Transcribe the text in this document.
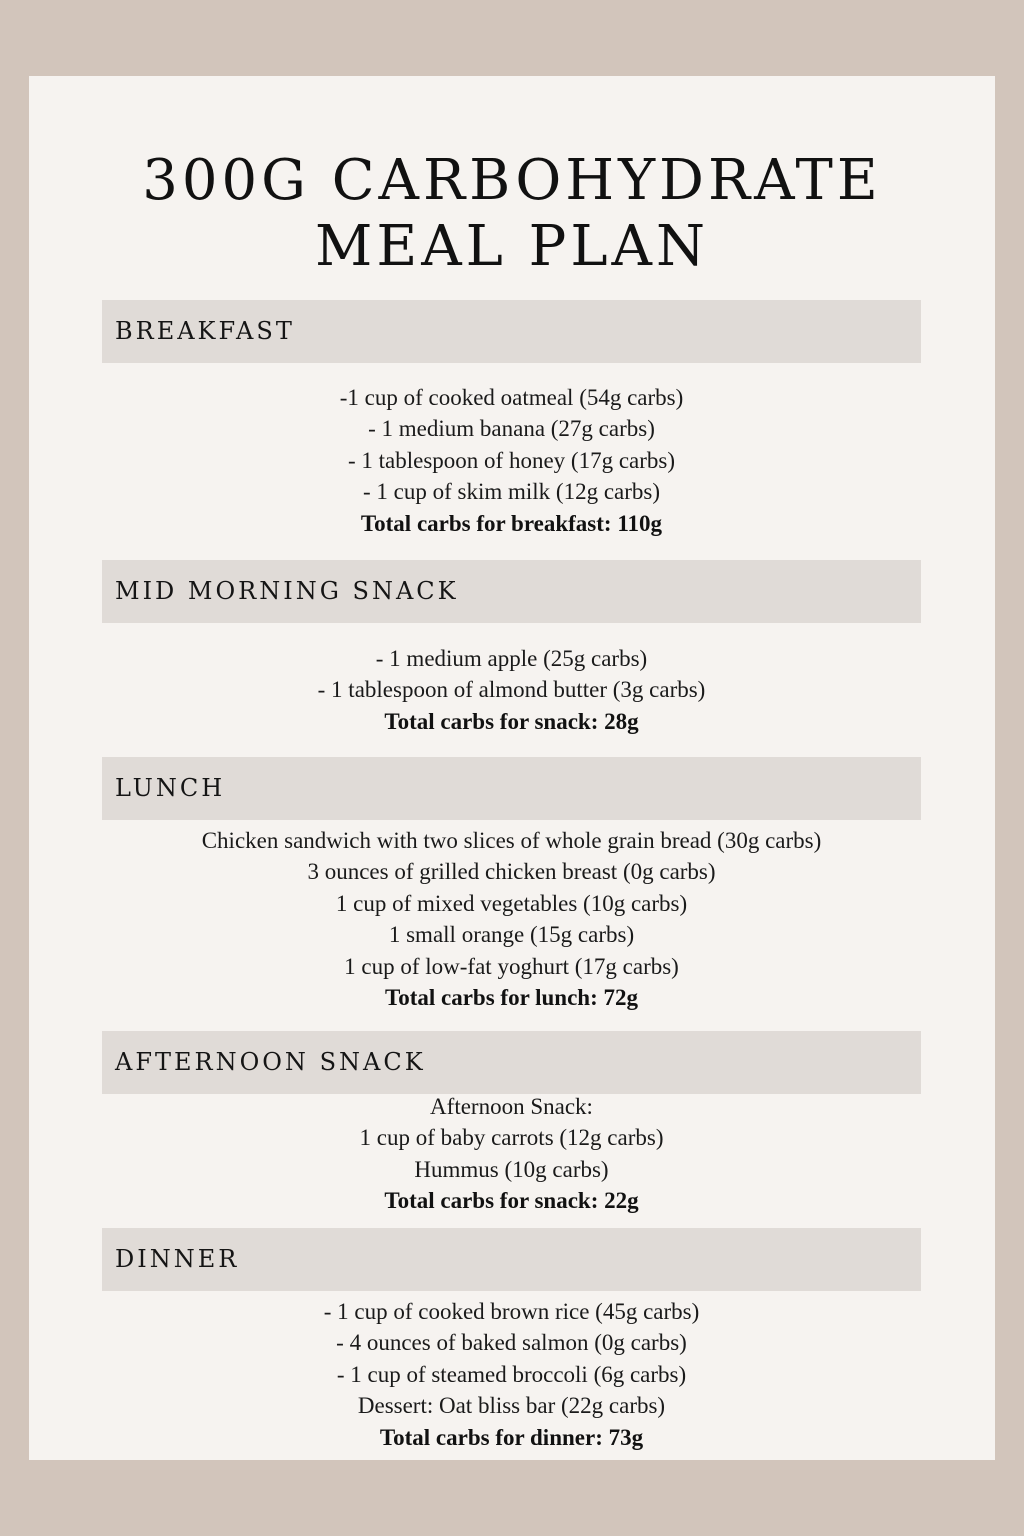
300G CARBOHYDRATE
MEAL PLAN
BREAKFAST
-1 cup of cooked oatmeal (54g carbs)
- 1 medium banana (27g carbs)
- 1 tablespoon of honey (17g carbs)
- 1 cup of skim milk (12g carbs)
Total carbs for breakfast: 110g
MID MORNING SNACK
- 1 medium apple (25g carbs)
- 1 tablespoon of almond butter (3g carbs)
Total carbs for snack: 28g
LUNCH
Chicken sandwich with two slices of whole grain bread (30g carbs)
3 ounces of grilled chicken breast (0g carbs)
1 cup of mixed vegetables (10g carbs)
1 small orange (15g carbs)
1 cup of low-fat yoghurt (17g carbs)
Total carbs for lunch: 72g
AFTERNOON SNACK
Afternoon Snack:
1 cup of baby carrots (12g carbs)
Hummus (10g carbs)
Total carbs for snack: 22g
DINNER
- 1 cup of cooked brown rice (45g carbs)
- 4 ounces of baked salmon (0g carbs)
- 1 cup of steamed broccoli (6g carbs)
Dessert: Oat bliss bar (22g carbs)
Total carbs for dinner: 73g
